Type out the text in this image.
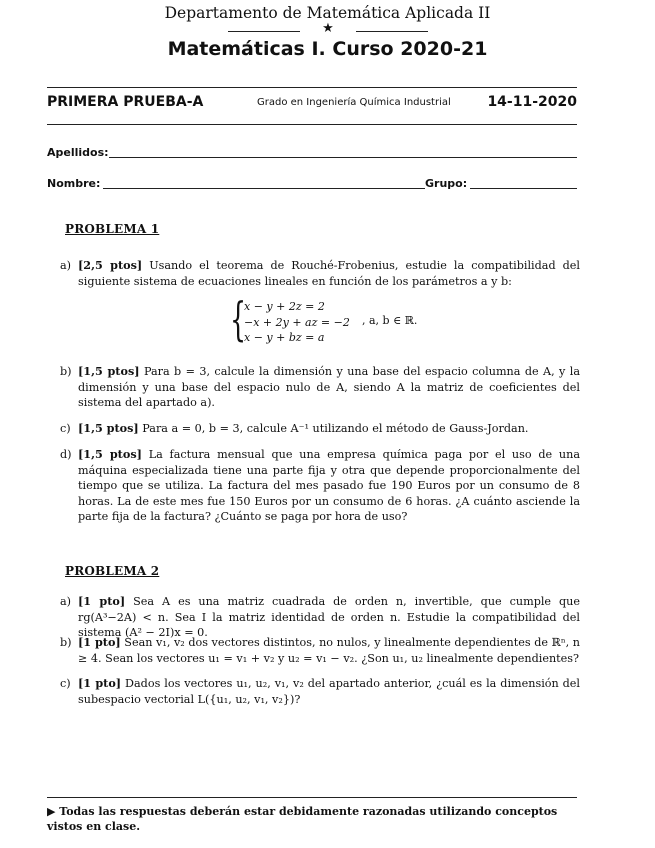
Departamento de Matemática Aplicada II
★
Matemáticas I. Curso 2020-21
PRIMERA PRUEBA-A	Grado en Ingeniería Química Industrial	14-11-2020
Apellidos:
Nombre:	Grupo:
PROBLEMA 1
a) [2,5 ptos] Usando el teorema de Rouché-Frobenius, estudie la compatibilidad del siguiente sistema de ecuaciones lineales en función de los parámetros a y b:
{
x − y + 2z = 2
−x + 2y + az = −2
x − y + bz = a
, a, b ∈ ℝ.
b) [1,5 ptos] Para b = 3, calcule la dimensión y una base del espacio columna de A, y la dimensión y una base del espacio nulo de A, siendo A la matriz de coeficientes del sistema del apartado a).
c) [1,5 ptos] Para a = 0, b = 3, calcule A⁻¹ utilizando el método de Gauss-Jordan.
d) [1,5 ptos] La factura mensual que una empresa química paga por el uso de una máquina especializada tiene una parte fija y otra que depende proporcionalmente del tiempo que se utiliza. La factura del mes pasado fue 190 Euros por un consumo de 8 horas. La de este mes fue 150 Euros por un consumo de 6 horas. ¿A cuánto asciende la parte fija de la factura? ¿Cuánto se paga por hora de uso?
PROBLEMA 2
a) [1 pto] Sea A es una matriz cuadrada de orden n, invertible, que cumple que rg(A³−2A) < n. Sea I la matriz identidad de orden n. Estudie la compatibilidad del sistema (A² − 2I)x = 0.
b) [1 pto] Sean v₁, v₂ dos vectores distintos, no nulos, y linealmente dependientes de ℝⁿ, n ≥ 4. Sean los vectores u₁ = v₁ + v₂ y u₂ = v₁ − v₂. ¿Son u₁, u₂ linealmente dependientes?
c) [1 pto] Dados los vectores u₁, u₂, v₁, v₂ del apartado anterior, ¿cuál es la dimensión del subespacio vectorial L({u₁, u₂, v₁, v₂})?
▶ Todas las respuestas deberán estar debidamente razonadas utilizando conceptos vistos en clase.
